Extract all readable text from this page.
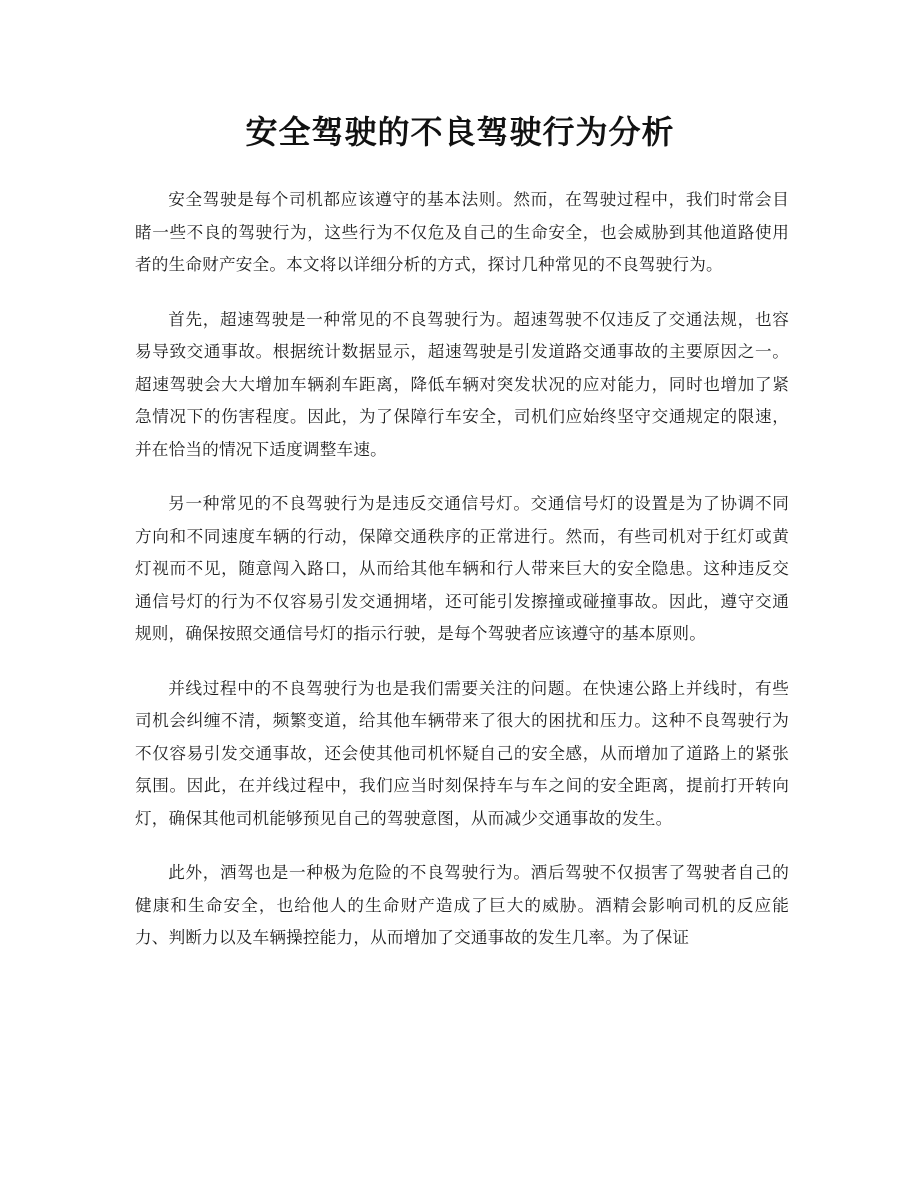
安全驾驶的不良驾驶行为分析

安全驾驶是每个司机都应该遵守的基本法则。然而，在驾驶过程中，我们时常会目睹一些不良的驾驶行为，这些行为不仅危及自己的生命安全，也会威胁到其他道路使用者的生命财产安全。本文将以详细分析的方式，探讨几种常见的不良驾驶行为。

首先，超速驾驶是一种常见的不良驾驶行为。超速驾驶不仅违反了交通法规，也容易导致交通事故。根据统计数据显示，超速驾驶是引发道路交通事故的主要原因之一。超速驾驶会大大增加车辆刹车距离，降低车辆对突发状况的应对能力，同时也增加了紧急情况下的伤害程度。因此，为了保障行车安全，司机们应始终坚守交通规定的限速，并在恰当的情况下适度调整车速。

另一种常见的不良驾驶行为是违反交通信号灯。交通信号灯的设置是为了协调不同方向和不同速度车辆的行动，保障交通秩序的正常进行。然而，有些司机对于红灯或黄灯视而不见，随意闯入路口，从而给其他车辆和行人带来巨大的安全隐患。这种违反交通信号灯的行为不仅容易引发交通拥堵，还可能引发擦撞或碰撞事故。因此，遵守交通规则，确保按照交通信号灯的指示行驶，是每个驾驶者应该遵守的基本原则。

并线过程中的不良驾驶行为也是我们需要关注的问题。在快速公路上并线时，有些司机会纠缠不清，频繁变道，给其他车辆带来了很大的困扰和压力。这种不良驾驶行为不仅容易引发交通事故，还会使其他司机怀疑自己的安全感，从而增加了道路上的紧张氛围。因此，在并线过程中，我们应当时刻保持车与车之间的安全距离，提前打开转向灯，确保其他司机能够预见自己的驾驶意图，从而减少交通事故的发生。

此外，酒驾也是一种极为危险的不良驾驶行为。酒后驾驶不仅损害了驾驶者自己的健康和生命安全，也给他人的生命财产造成了巨大的威胁。酒精会影响司机的反应能力、判断力以及车辆操控能力，从而增加了交通事故的发生几率。为了保证
